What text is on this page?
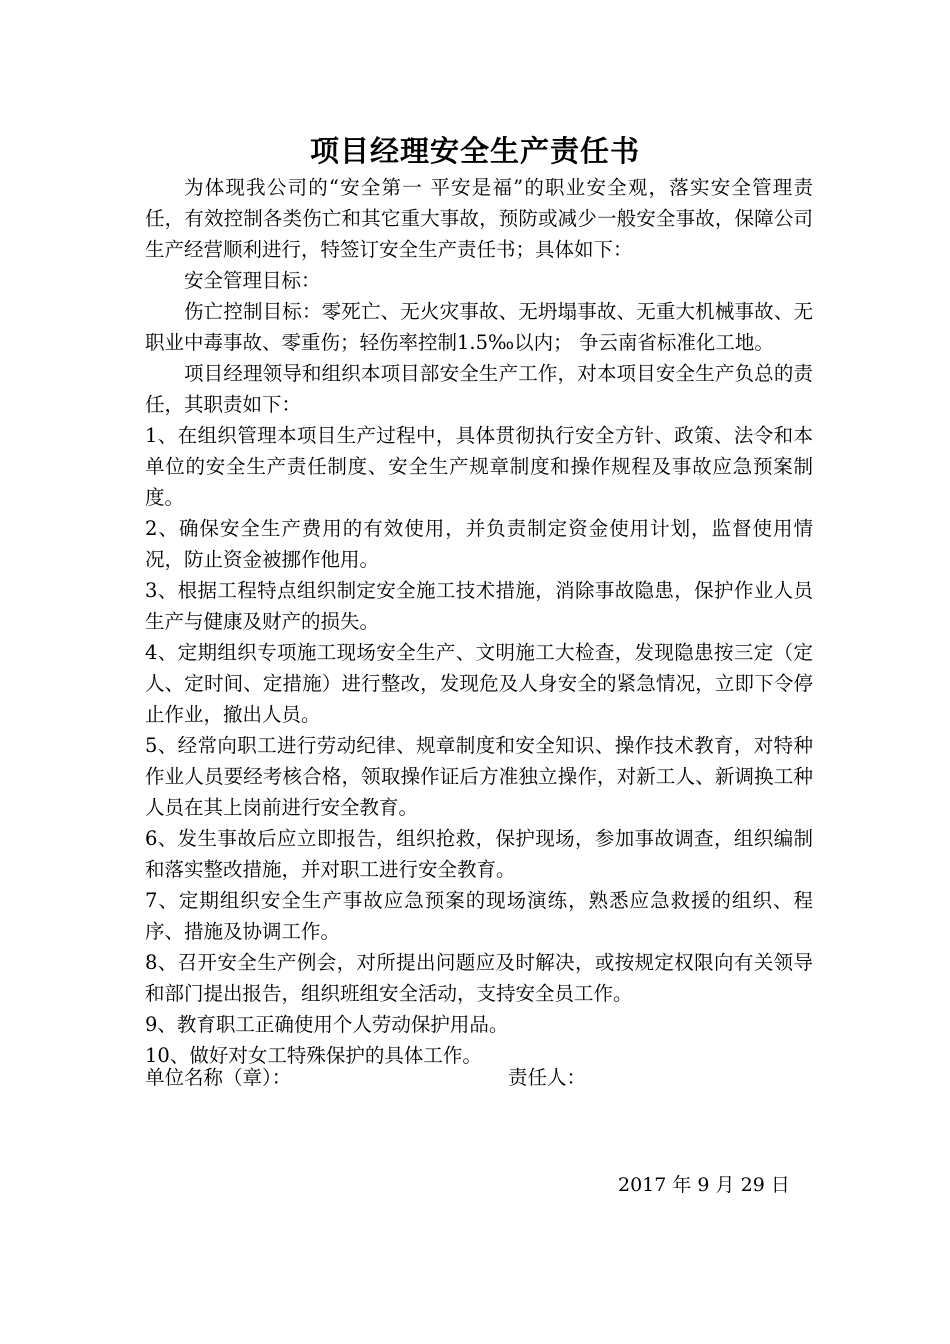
项目经理安全生产责任书

为体现我公司的“安全第一 平安是福”的职业安全观，落实安全管理责任，有效控制各类伤亡和其它重大事故，预防或减少一般安全事故，保障公司生产经营顺利进行，特签订安全生产责任书；具体如下：

安全管理目标：

伤亡控制目标：零死亡、无火灾事故、无坍塌事故、无重大机械事故、无职业中毒事故、零重伤；轻伤率控制1.5‰以内； 争云南省标准化工地。

项目经理领导和组织本项目部安全生产工作，对本项目安全生产负总的责任，其职责如下：

1、在组织管理本项目生产过程中，具体贯彻执行安全方针、政策、法令和本单位的安全生产责任制度、安全生产规章制度和操作规程及事故应急预案制度。

2、确保安全生产费用的有效使用，并负责制定资金使用计划，监督使用情况，防止资金被挪作他用。

3、根据工程特点组织制定安全施工技术措施，消除事故隐患，保护作业人员生产与健康及财产的损失。

4、定期组织专项施工现场安全生产、文明施工大检查，发现隐患按三定（定人、定时间、定措施）进行整改，发现危及人身安全的紧急情况，立即下令停止作业，撤出人员。

5、经常向职工进行劳动纪律、规章制度和安全知识、操作技术教育，对特种作业人员要经考核合格，领取操作证后方准独立操作，对新工人、新调换工种人员在其上岗前进行安全教育。

6、发生事故后应立即报告，组织抢救，保护现场，参加事故调查，组织编制和落实整改措施，并对职工进行安全教育。

7、定期组织安全生产事故应急预案的现场演练，熟悉应急救援的组织、程序、措施及协调工作。

8、召开安全生产例会，对所提出问题应及时解决，或按规定权限向有关领导和部门提出报告，组织班组安全活动，支持安全员工作。

9、教育职工正确使用个人劳动保护用品。

10、做好对女工特殊保护的具体工作。

单位名称（章）：	责任人：
2017 年 9 月 29 日
